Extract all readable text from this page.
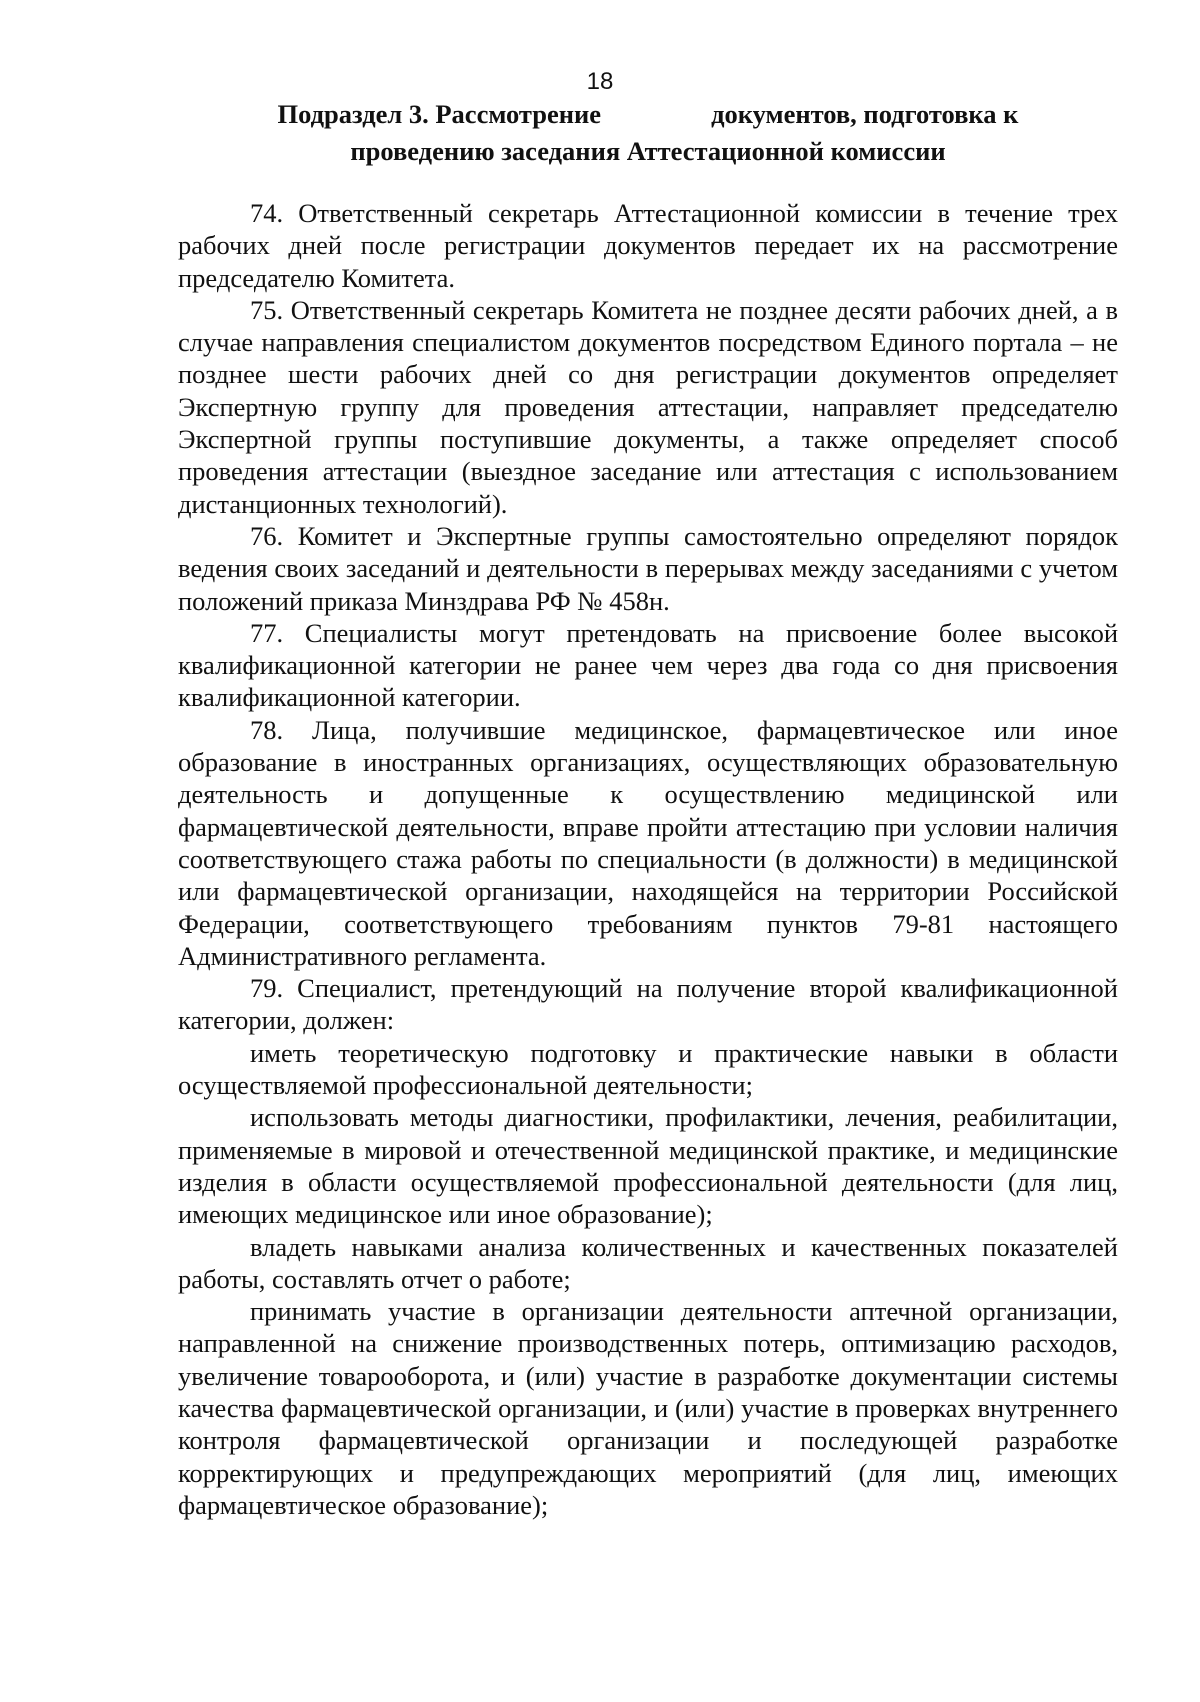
18
Подраздел 3. Рассмотрение	документов, подготовка к
проведению заседания Аттестационной комиссии

74. Ответственный секретарь Аттестационной комиссии в течение трех рабочих дней после регистрации документов передает их на рассмотрение председателю Комитета.

75. Ответственный секретарь Комитета не позднее десяти рабочих дней, а в случае направления специалистом документов посредством Единого портала – не позднее шести рабочих дней со дня регистрации документов определяет Экспертную группу для проведения аттестации, направляет председателю Экспертной группы поступившие документы, а также определяет способ проведения аттестации (выездное заседание или аттестация с использованием дистанционных технологий).

76. Комитет и Экспертные группы самостоятельно определяют порядок ведения своих заседаний и деятельности в перерывах между заседаниями с учетом положений приказа Минздрава РФ № 458н.

77. Специалисты могут претендовать на присвоение более высокой квалификационной категории не ранее чем через два года со дня присвоения квалификационной категории.

78. Лица, получившие медицинское, фармацевтическое или иное образование в иностранных организациях, осуществляющих образовательную деятельность и допущенные к осуществлению медицинской или фармацевтической деятельности, вправе пройти аттестацию при условии наличия соответствующего стажа работы по специальности (в должности) в медицинской или фармацевтической организации, находящейся на территории Российской Федерации, соответствующего требованиям пунктов 79-81 настоящего Административного регламента.

79. Специалист, претендующий на получение второй квалификационной категории, должен:

иметь теоретическую подготовку и практические навыки в области осуществляемой профессиональной деятельности;

использовать методы диагностики, профилактики, лечения, реабилитации, применяемые в мировой и отечественной медицинской практике, и медицинские изделия в области осуществляемой профессиональной деятельности (для лиц, имеющих медицинское или иное образование);

владеть навыками анализа количественных и качественных показателей работы, составлять отчет о работе;

принимать участие в организации деятельности аптечной организации, направленной на снижение производственных потерь, оптимизацию расходов, увеличение товарооборота, и (или) участие в разработке документации системы качества фармацевтической организации, и (или) участие в проверках внутреннего контроля фармацевтической организации и последующей разработке корректирующих и предупреждающих мероприятий (для лиц, имеющих фармацевтическое образование);
